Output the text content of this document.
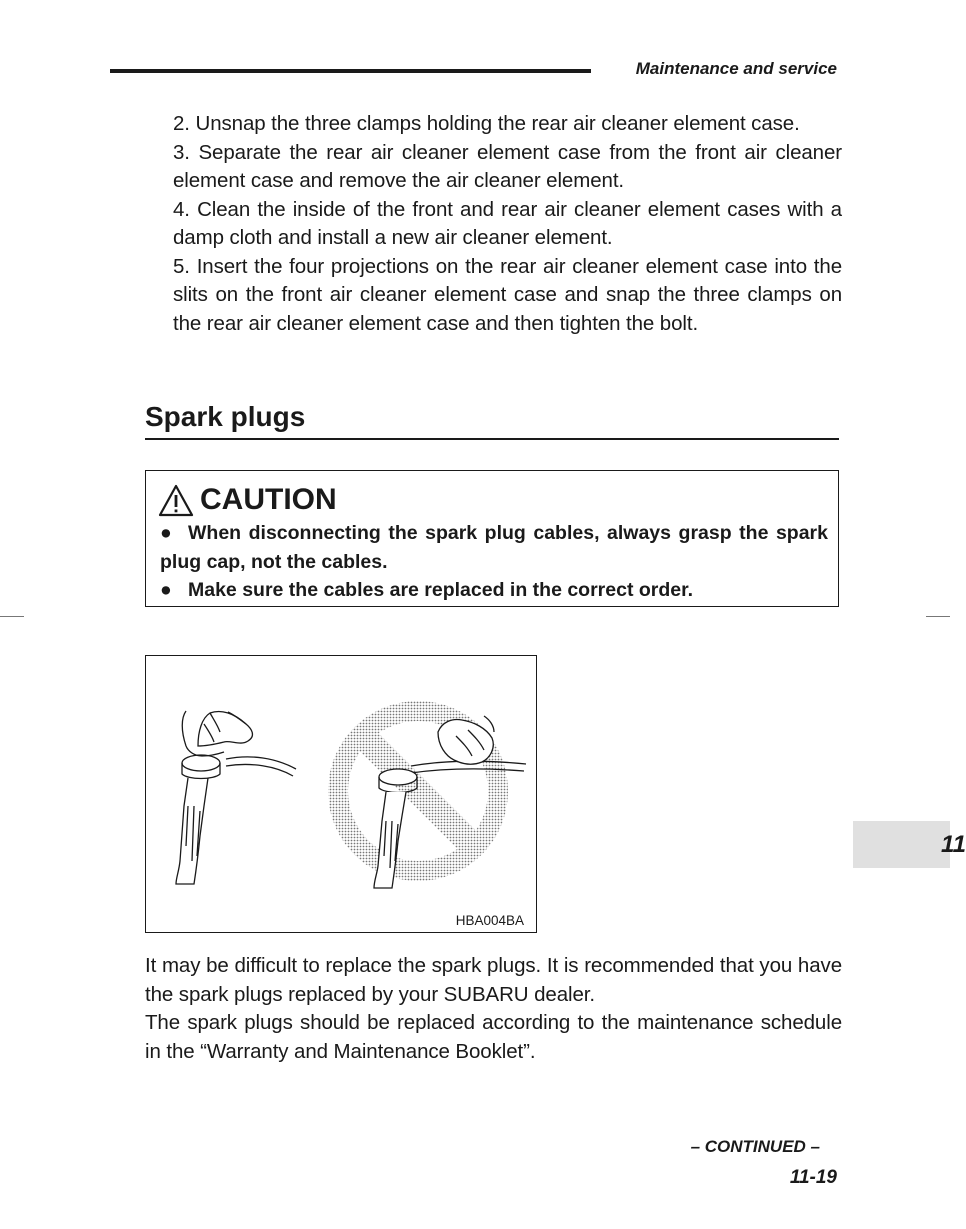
Maintenance and service

2. Unsnap the three clamps holding the rear air cleaner element case.

3. Separate the rear air cleaner element case from the front air cleaner element case and remove the air cleaner element.

4. Clean the inside of the front and rear air cleaner element cases with a damp cloth and install a new air cleaner element.

5. Insert the four projections on the rear air cleaner element case into the slits on the front air cleaner element case and snap the three clamps on the rear air cleaner element case and then tighten the bolt.

Spark plugs
CAUTION

● When disconnecting the spark plug cables, always grasp the spark plug cap, not the cables.

● Make sure the cables are replaced in the correct order.

HBA004BA

It may be difficult to replace the spark plugs. It is recommended that you have the spark plugs replaced by your SUBARU dealer.

The spark plugs should be replaced according to the maintenance schedule in the “Warranty and Maintenance Booklet”.

– CONTINUED –
11-19
11
